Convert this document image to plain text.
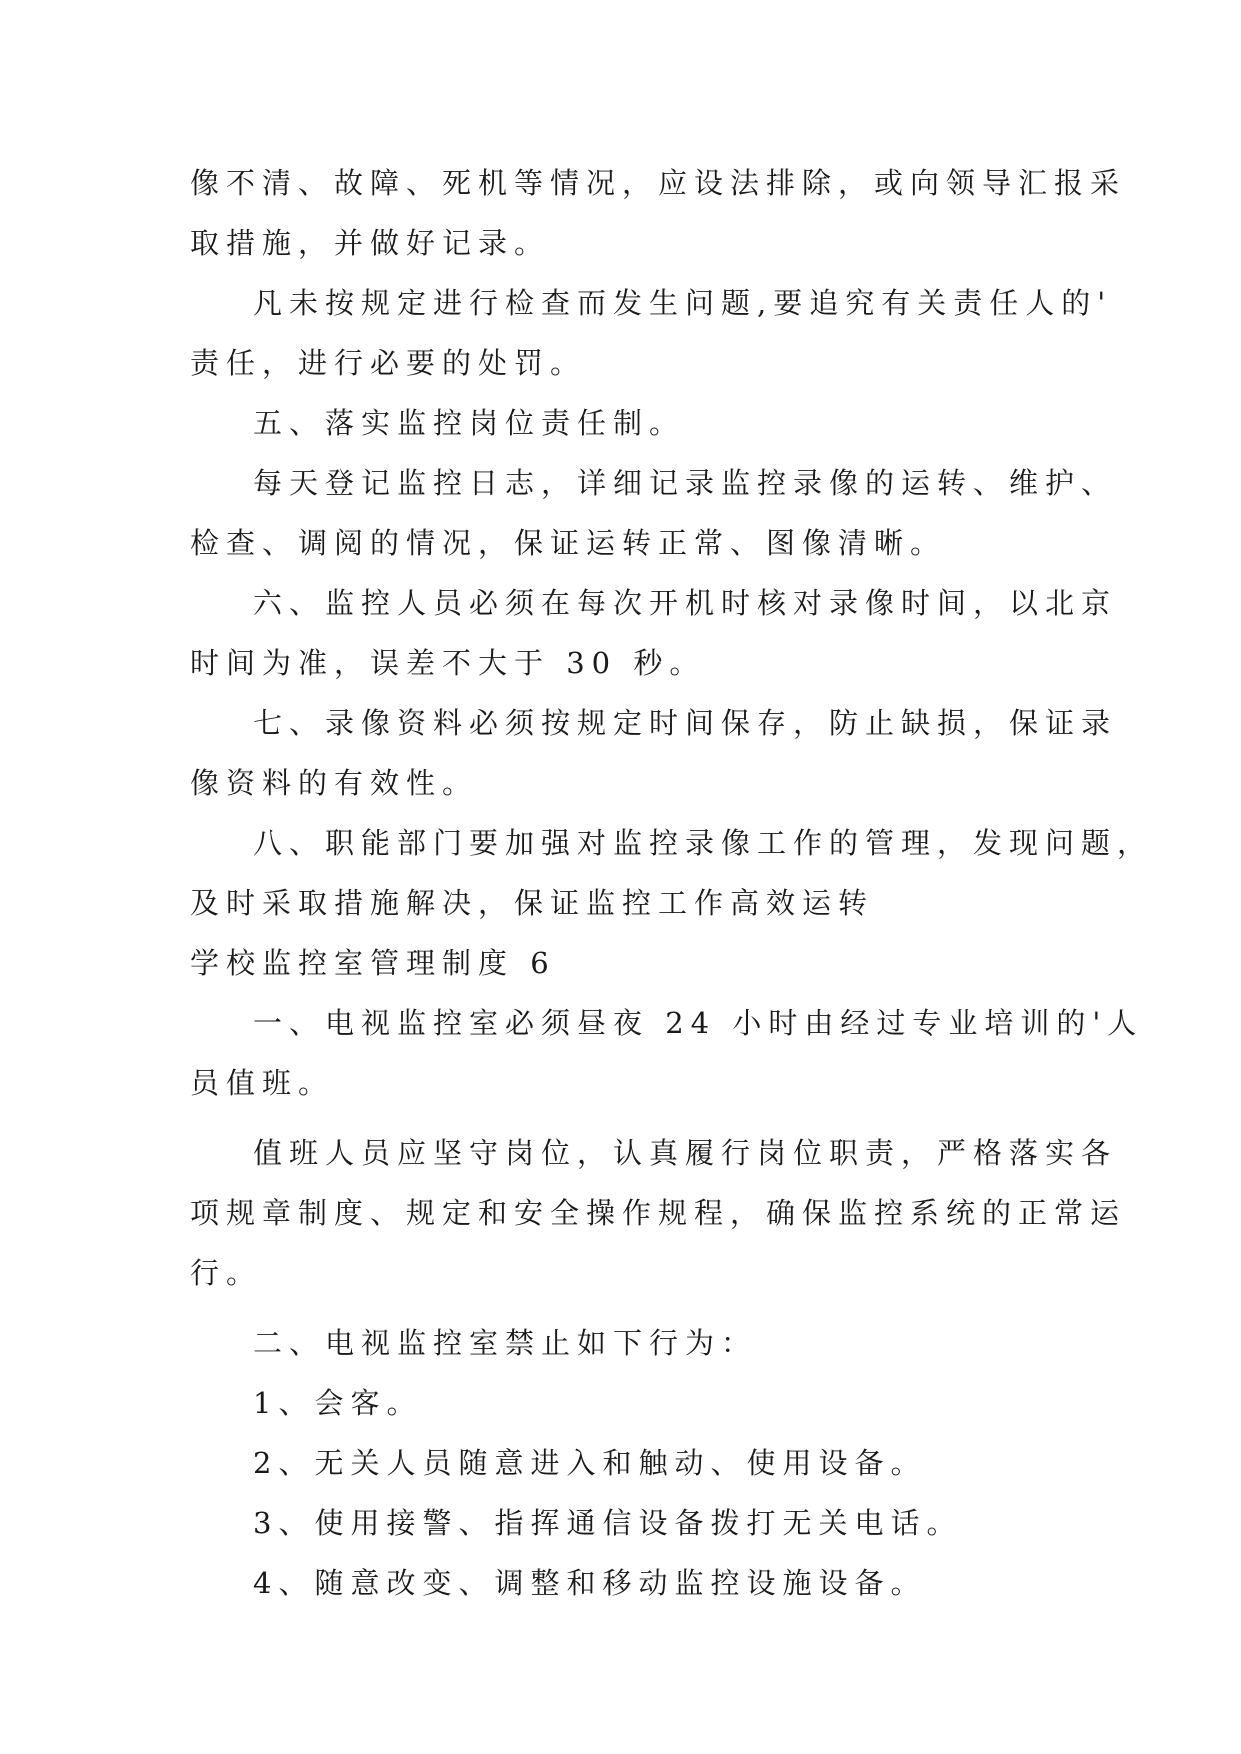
像不清、故障、死机等情况，应设法排除，或向领导汇报采
取措施，并做好记录。
凡未按规定进行检查而发生问题,要追究有关责任人的'
责任，进行必要的处罚。
五、落实监控岗位责任制。
每天登记监控日志，详细记录监控录像的运转、维护、
检查、调阅的情况，保证运转正常、图像清晰。
六、监控人员必须在每次开机时核对录像时间，以北京
时间为准，误差不大于 30 秒。
七、录像资料必须按规定时间保存，防止缺损，保证录
像资料的有效性。
八、职能部门要加强对监控录像工作的管理，发现问题，
及时采取措施解决，保证监控工作高效运转
学校监控室管理制度 6
一、电视监控室必须昼夜 24 小时由经过专业培训的'人
员值班。
值班人员应坚守岗位，认真履行岗位职责，严格落实各
项规章制度、规定和安全操作规程，确保监控系统的正常运
行。
二、电视监控室禁止如下行为：
1、会客。
2、无关人员随意进入和触动、使用设备。
3、使用接警、指挥通信设备拨打无关电话。
4、随意改变、调整和移动监控设施设备。
